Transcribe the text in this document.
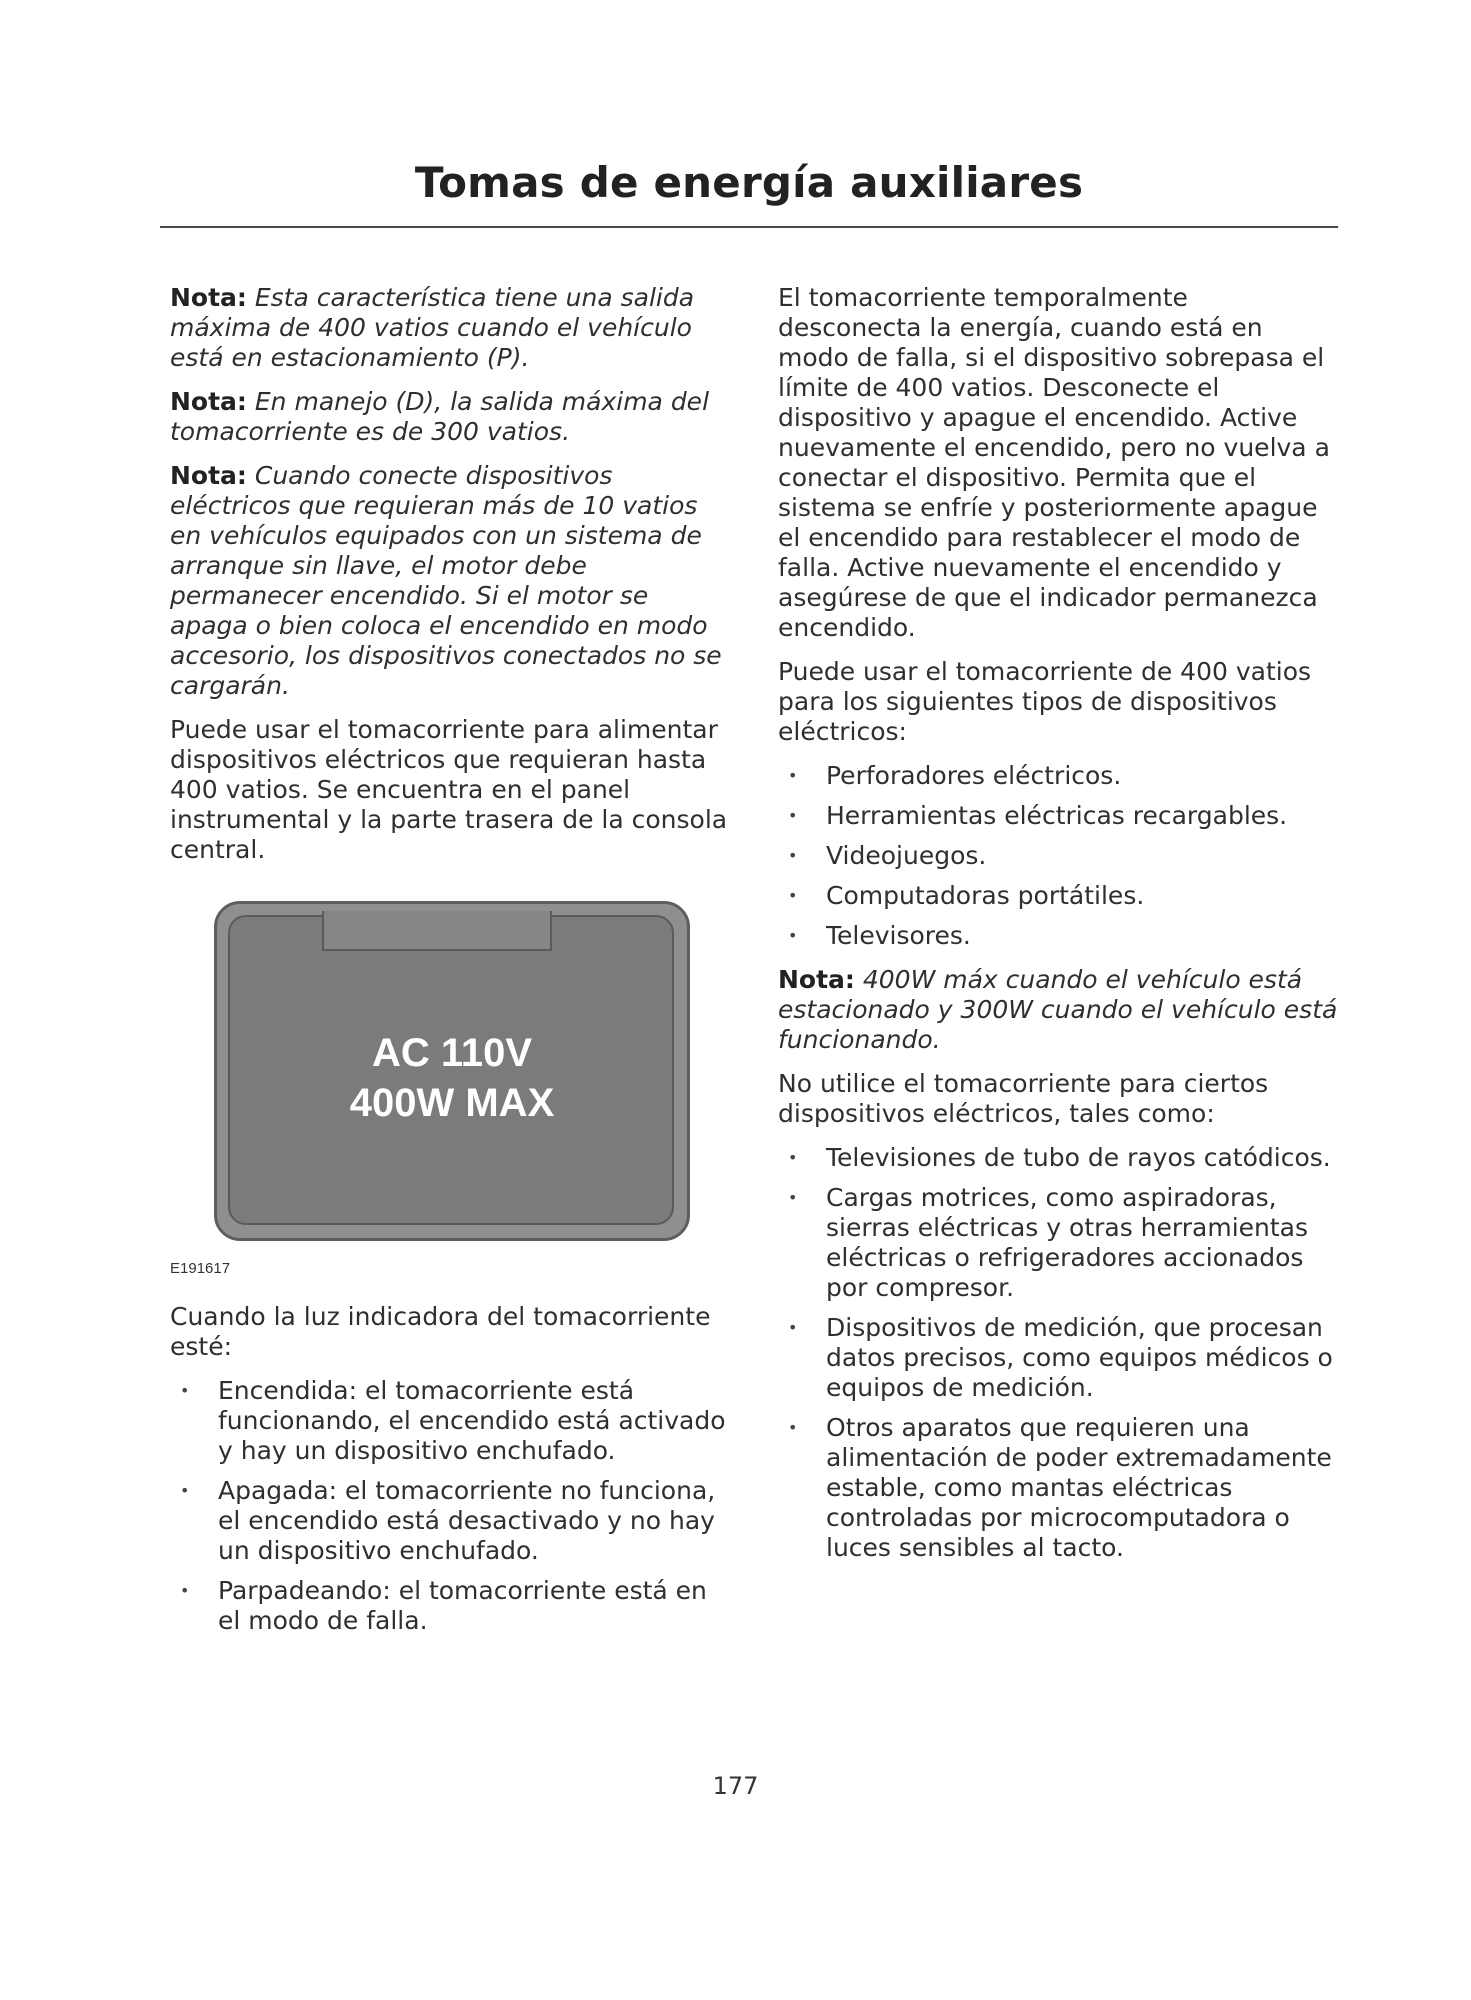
Tomas de energía auxiliares

Nota: Esta característica tiene una salida máxima de 400 vatios cuando el vehículo está en estacionamiento (P).

Nota: En manejo (D), la salida máxima del tomacorriente es de 300 vatios.

Nota: Cuando conecte dispositivos eléctricos que requieran más de 10 vatios en vehículos equipados con un sistema de arranque sin llave, el motor debe permanecer encendido. Si el motor se apaga o bien coloca el encendido en modo accesorio, los dispositivos conectados no se cargarán.

Puede usar el tomacorriente para alimentar dispositivos eléctricos que requieran hasta 400 vatios. Se encuentra en el panel instrumental y la parte trasera de la consola central.

AC 110V
400W MAX
E191617

Cuando la luz indicadora del tomacorriente esté:

• Encendida: el tomacorriente está funcionando, el encendido está activado y hay un dispositivo enchufado.
• Apagada: el tomacorriente no funciona, el encendido está desactivado y no hay un dispositivo enchufado.
• Parpadeando: el tomacorriente está en el modo de falla.

El tomacorriente temporalmente desconecta la energía, cuando está en modo de falla, si el dispositivo sobrepasa el límite de 400 vatios. Desconecte el dispositivo y apague el encendido. Active nuevamente el encendido, pero no vuelva a conectar el dispositivo. Permita que el sistema se enfríe y posteriormente apague el encendido para restablecer el modo de falla. Active nuevamente el encendido y asegúrese de que el indicador permanezca encendido.

Puede usar el tomacorriente de 400 vatios para los siguientes tipos de dispositivos eléctricos:

• Perforadores eléctricos.
• Herramientas eléctricas recargables.
• Videojuegos.
• Computadoras portátiles.
• Televisores.

Nota: 400W máx cuando el vehículo está estacionado y 300W cuando el vehículo está funcionando.

No utilice el tomacorriente para ciertos dispositivos eléctricos, tales como:

• Televisiones de tubo de rayos catódicos.
• Cargas motrices, como aspiradoras, sierras eléctricas y otras herramientas eléctricas o refrigeradores accionados por compresor.
• Dispositivos de medición, que procesan datos precisos, como equipos médicos o equipos de medición.
• Otros aparatos que requieren una alimentación de poder extremadamente estable, como mantas eléctricas controladas por microcomputadora o luces sensibles al tacto.
177
